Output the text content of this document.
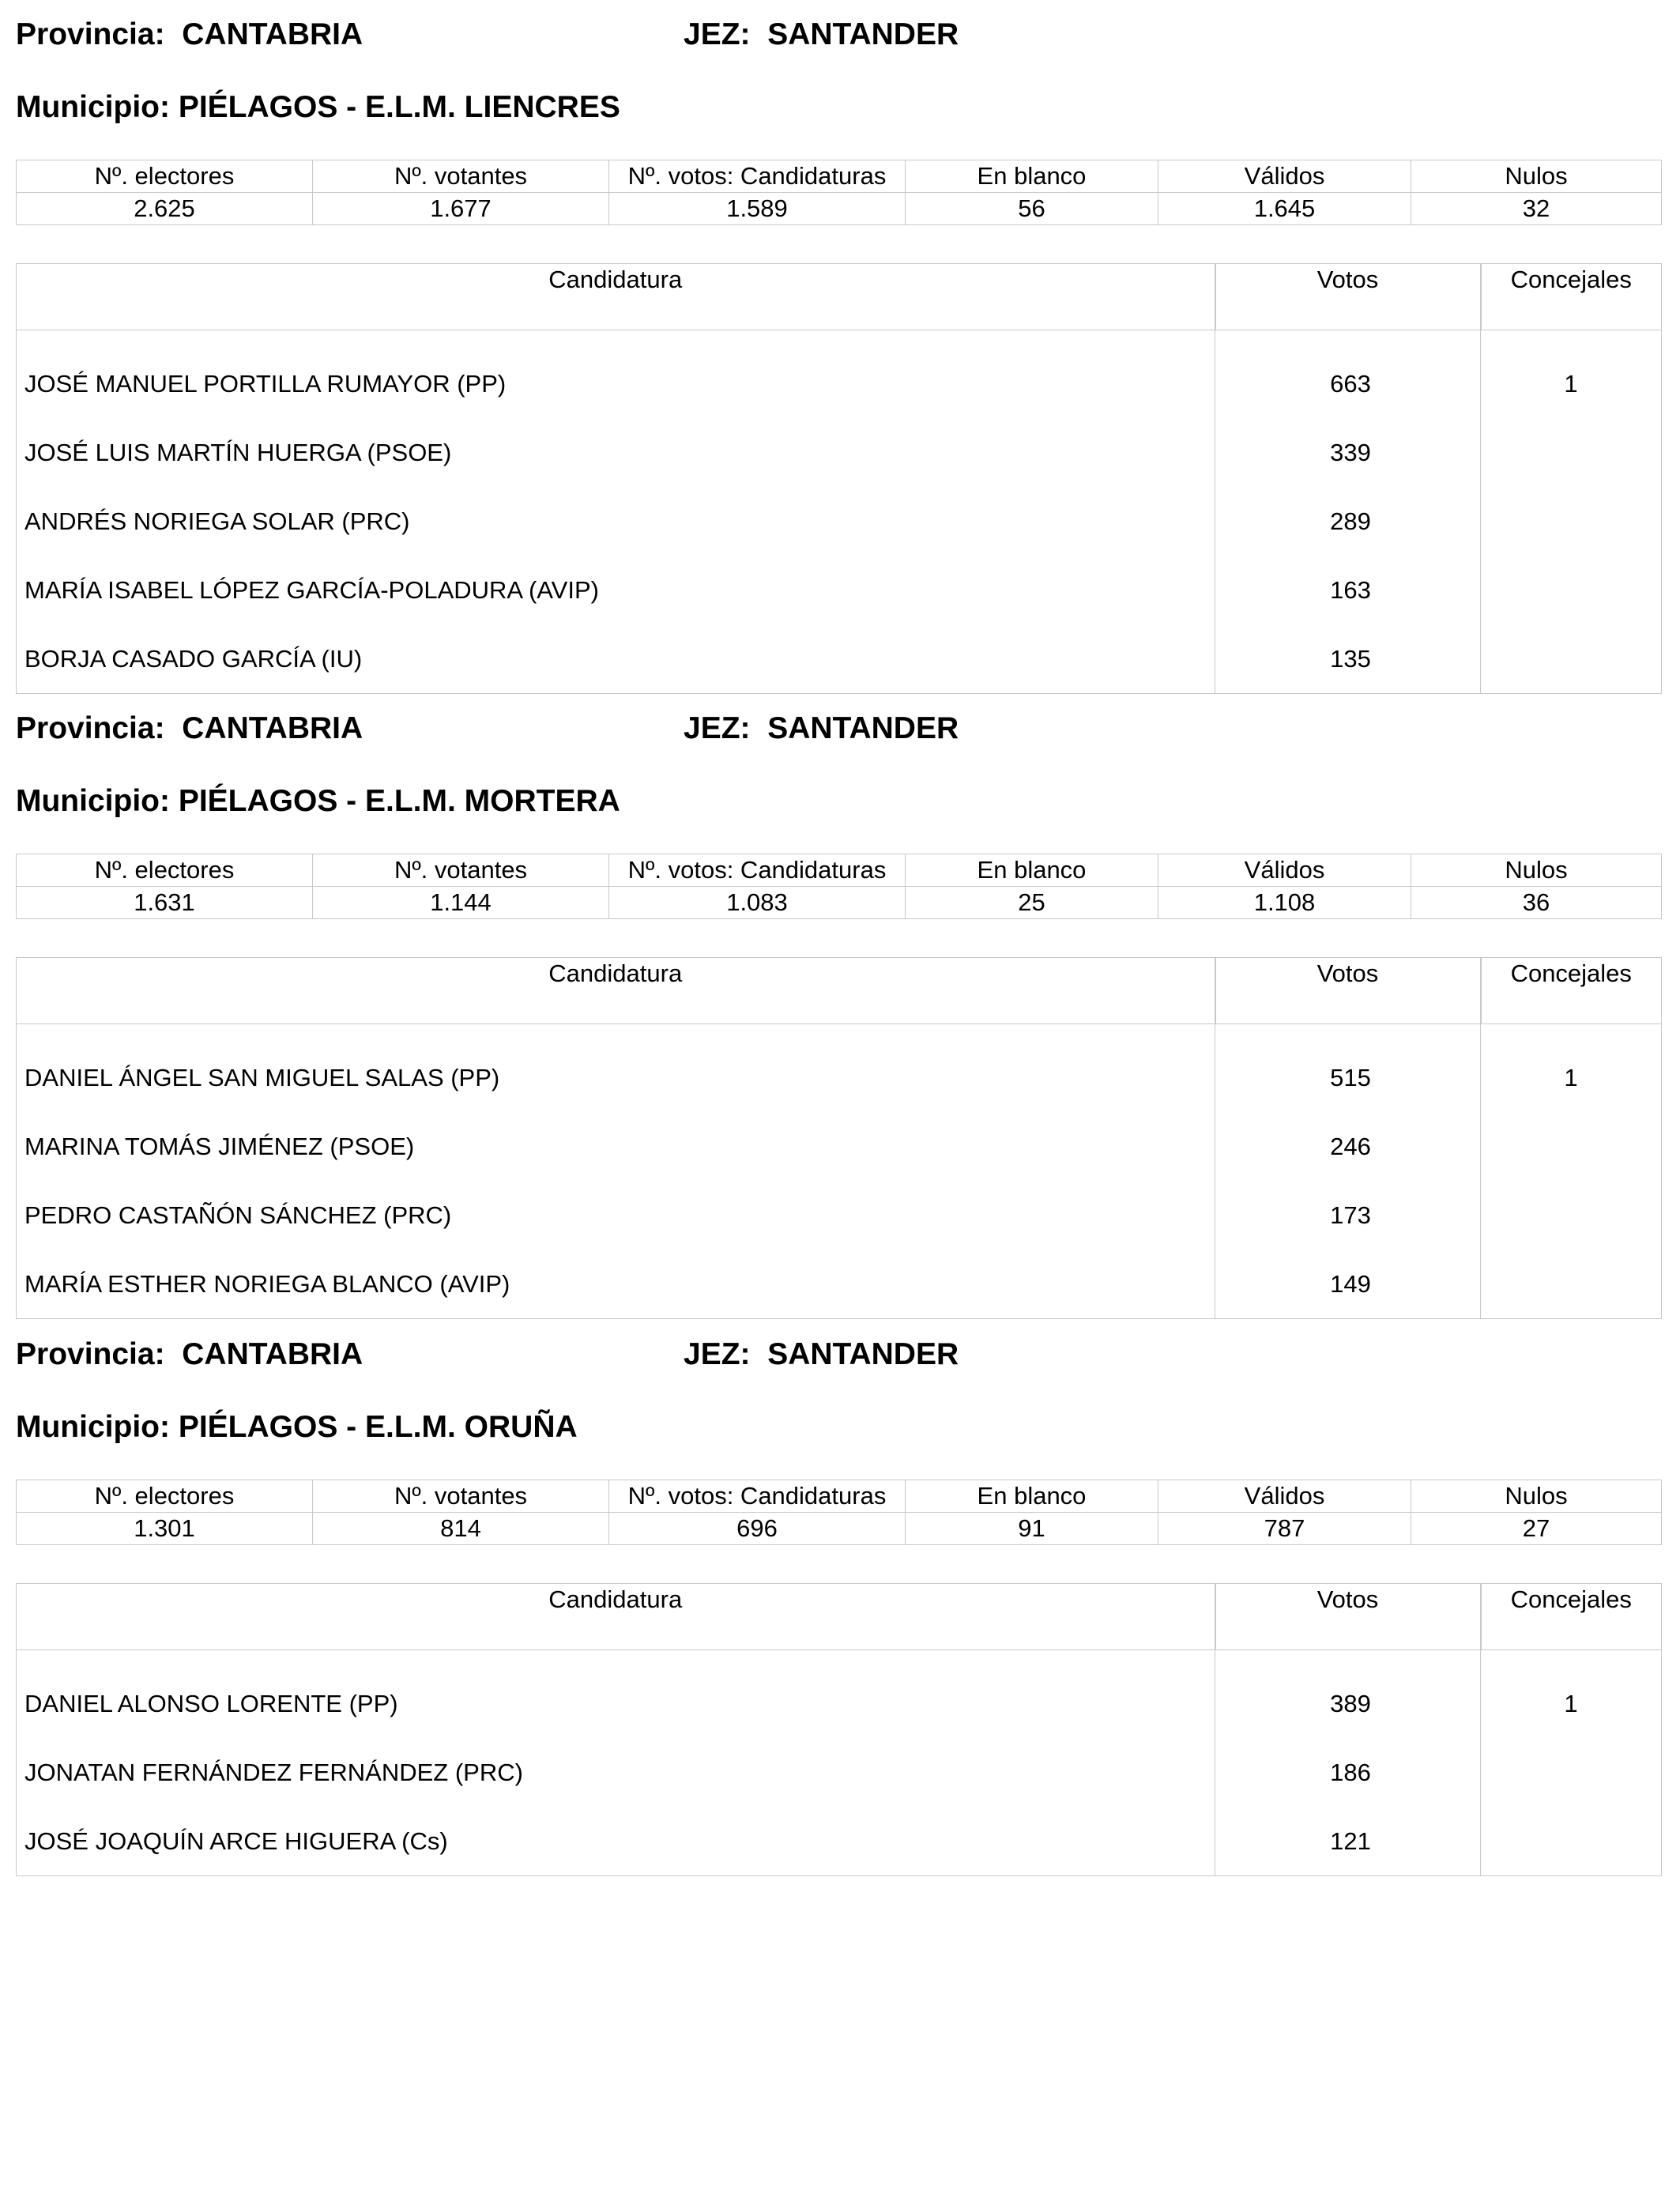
Provincia: CANTABRIA	JEZ: SANTANDER
Municipio: PIÉLAGOS - E.L.M. LIENCRES
Nº. electores	Nº. votantes	Nº. votos: Candidaturas	En blanco	Válidos	Nulos
2.625	1.677	1.589	56	1.645	32
Candidatura	Votos	Concejales
JOSÉ MANUEL PORTILLA RUMAYOR (PP)	663	1
JOSÉ LUIS MARTÍN HUERGA (PSOE)	339	
ANDRÉS NORIEGA SOLAR (PRC)	289	
MARÍA ISABEL LÓPEZ GARCÍA-POLADURA (AVIP)	163	
BORJA CASADO GARCÍA (IU)	135	
Provincia: CANTABRIA	JEZ: SANTANDER
Municipio: PIÉLAGOS - E.L.M. MORTERA
Nº. electores	Nº. votantes	Nº. votos: Candidaturas	En blanco	Válidos	Nulos
1.631	1.144	1.083	25	1.108	36
Candidatura	Votos	Concejales
DANIEL ÁNGEL SAN MIGUEL SALAS (PP)	515	1
MARINA TOMÁS JIMÉNEZ (PSOE)	246	
PEDRO CASTAÑÓN SÁNCHEZ (PRC)	173	
MARÍA ESTHER NORIEGA BLANCO (AVIP)	149	
Provincia: CANTABRIA	JEZ: SANTANDER
Municipio: PIÉLAGOS - E.L.M. ORUÑA
Nº. electores	Nº. votantes	Nº. votos: Candidaturas	En blanco	Válidos	Nulos
1.301	814	696	91	787	27
Candidatura	Votos	Concejales
DANIEL ALONSO LORENTE (PP)	389	1
JONATAN FERNÁNDEZ FERNÁNDEZ (PRC)	186	
JOSÉ JOAQUÍN ARCE HIGUERA (Cs)	121	
